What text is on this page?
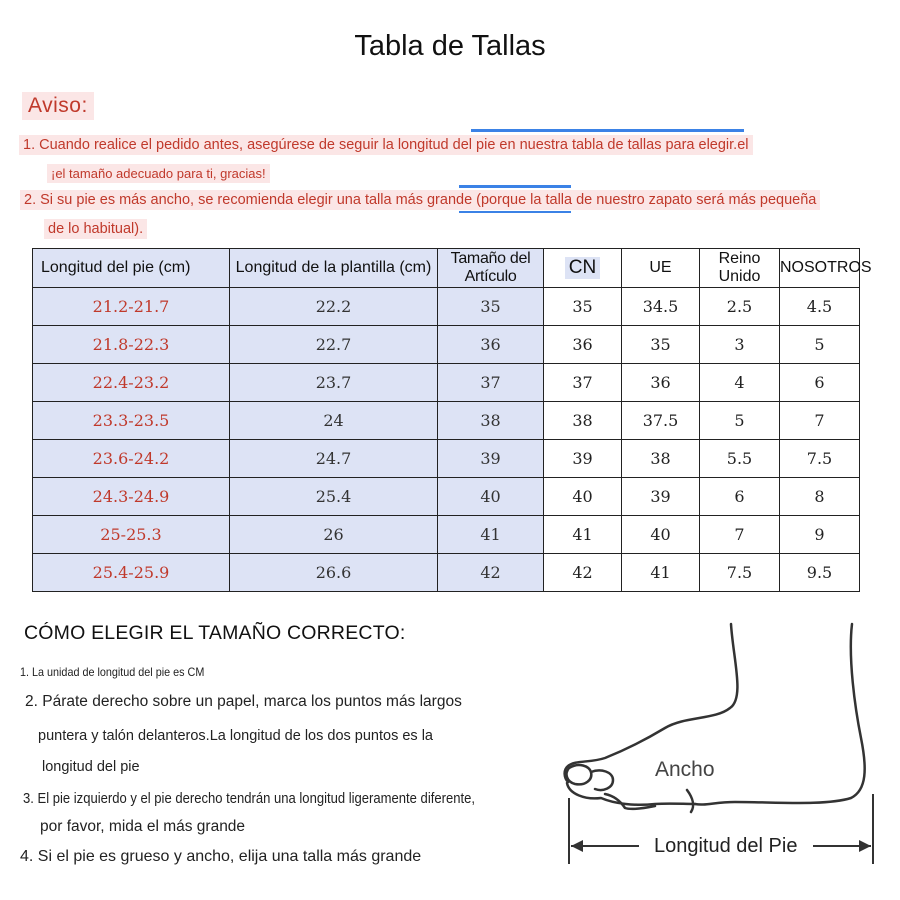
Tabla de Tallas
Aviso:
1. Cuando realice el pedido antes, asegúrese de seguir la longitud del pie en nuestra tabla de tallas para elegir.el
¡el tamaño adecuado para ti, gracias!
2. Si su pie es más ancho, se recomienda elegir una talla más grande (porque la talla de nuestro zapato será más pequeña
de lo habitual).
Longitud del pie (cm)	Longitud de la plantilla (cm)	Tamaño del Artículo	CN	UE	Reino Unido	NOSOTROS
21.2-21.7	22.2	35	35	34.5	2.5	4.5
21.8-22.3	22.7	36	36	35	3	5
22.4-23.2	23.7	37	37	36	4	6
23.3-23.5	24	38	38	37.5	5	7
23.6-24.2	24.7	39	39	38	5.5	7.5
24.3-24.9	25.4	40	40	39	6	8
25-25.3	26	41	41	40	7	9
25.4-25.9	26.6	42	42	41	7.5	9.5
CÓMO ELEGIR EL TAMAÑO CORRECTO:
1. La unidad de longitud del pie es CM
2. Párate derecho sobre un papel, marca los puntos más largos
puntera y talón delanteros.La longitud de los dos puntos es la
longitud del pie
3. El pie izquierdo y el pie derecho tendrán una longitud ligeramente diferente,
por favor, mida el más grande
4. Si el pie es grueso y ancho, elija una talla más grande
Ancho
Longitud del Pie
